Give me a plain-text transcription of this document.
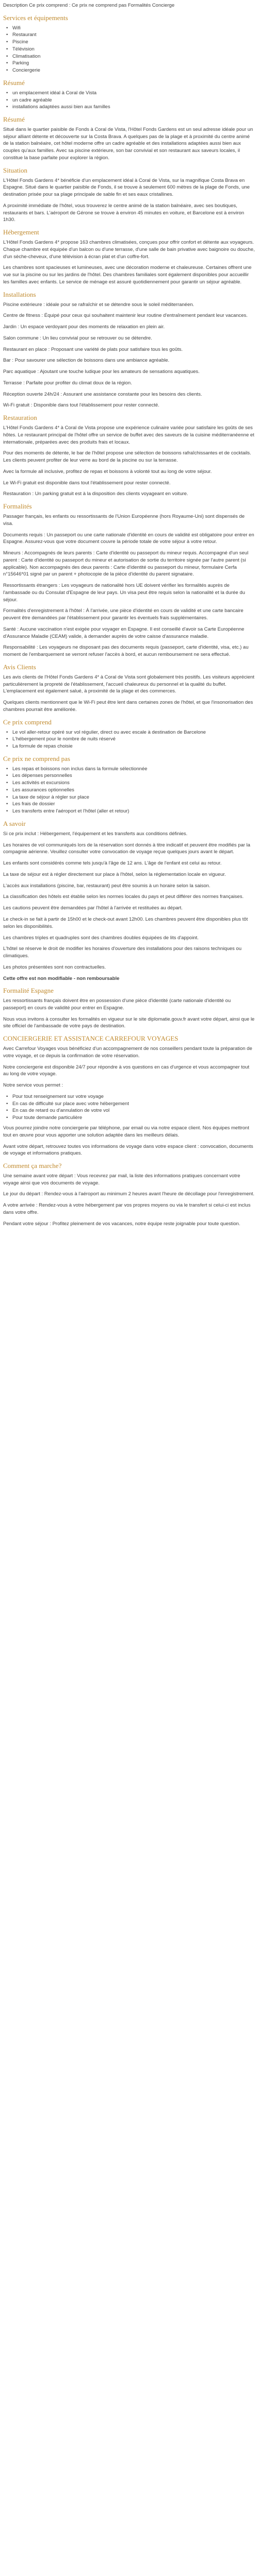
Description Ce prix comprend : Ce prix ne comprend pas Formalités Concierge

Services et équipements
• Wifi
• Restaurant
• Piscine
• Télévision
• Climatisation
• Parking
• Conciergerie
Résumé
• un emplacement idéal à Coral de Vista
• un cadre agréable
• installations adaptées aussi bien aux familles
Résumé

Situé dans le quartier paisible de Fonds à Coral de Vista, l'Hôtel Fonds Gardens est un seul adresse idéale pour un séjour alliant détente et découverte sur la Costa Brava. A quelques pas de la plage et à proximité du centre animé de la station balnéaire, cet hôtel moderne offre un cadre agréable et des installations adaptées aussi bien aux couples qu'aux familles. Avec sa piscine extérieure, son bar convivial et son restaurant aux saveurs locales, il constitue la base parfaite pour explorer la région.

Situation

L'Hôtel Fonds Gardens 4* bénéficie d'un emplacement idéal à Coral de Vista, sur la magnifique Costa Brava en Espagne. Situé dans le quartier paisible de Fonds, il se trouve à seulement 600 mètres de la plage de Fonds, une destination prisée pour sa plage principale de sable fin et ses eaux cristallines.

A proximité immédiate de l'hôtel, vous trouverez le centre animé de la station balnéaire, avec ses boutiques, restaurants et bars. L'aéroport de Gérone se trouve à environ 45 minutes en voiture, et Barcelone est à environ 1h30.

Hébergement

L'Hôtel Fonds Gardens 4* propose 163 chambres climatisées, conçues pour offrir confort et détente aux voyageurs. Chaque chambre est équipée d'un balcon ou d'une terrasse, d'une salle de bain privative avec baignoire ou douche, d'un sèche-cheveux, d'une télévision à écran plat et d'un coffre-fort.

Les chambres sont spacieuses et lumineuses, avec une décoration moderne et chaleureuse. Certaines offrent une vue sur la piscine ou sur les jardins de l'hôtel. Des chambres familiales sont également disponibles pour accueillir les familles avec enfants. Le service de ménage est assuré quotidiennement pour garantir un séjour agréable.

Installations

Piscine extérieure : idéale pour se rafraîchir et se détendre sous le soleil méditerranéen.

Centre de fitness : Équipé pour ceux qui souhaitent maintenir leur routine d'entraînement pendant leur vacances.

Jardin : Un espace verdoyant pour des moments de relaxation en plein air.

Salon commune : Un lieu convivial pour se retrouver ou se détendre.

Restaurant en place : Proposant une variété de plats pour satisfaire tous les goûts.

Bar : Pour savourer une sélection de boissons dans une ambiance agréable.

Parc aquatique : Ajoutant une touche ludique pour les amateurs de sensations aquatiques.

Terrasse : Parfaite pour profiter du climat doux de la région.

Réception ouverte 24h/24 : Assurant une assistance constante pour les besoins des clients.

Wi-Fi gratuit : Disponible dans tout l'établissement pour rester connecté.

Restauration

L'Hôtel Fonds Gardens 4* à Coral de Vista propose une expérience culinaire variée pour satisfaire les goûts de ses hôtes. Le restaurant principal de l'hôtel offre un service de buffet avec des saveurs de la cuisine méditerranéenne et internationale, préparées avec des produits frais et locaux.

Pour des moments de détente, le bar de l'hôtel propose une sélection de boissons rafraîchissantes et de cocktails. Les clients peuvent profiter de leur verre au bord de la piscine ou sur la terrasse.

Avec la formule all inclusive, profitez de repas et boissons à volonté tout au long de votre séjour.

Le Wi-Fi gratuit est disponible dans tout l'établissement pour rester connecté.

Restauration : Un parking gratuit est à la disposition des clients voyageant en voiture.

Formalités

Passager français, les enfants ou ressortissants de l'Union Européenne (hors Royaume-Uni) sont dispensés de visa.

Documents requis : Un passeport ou une carte nationale d'identité en cours de validité est obligatoire pour entrer en Espagne. Assurez-vous que votre document couvre la période totale de votre séjour à votre retour.

Mineurs : Accompagnés de leurs parents : Carte d'identité ou passeport du mineur requis. Accompagné d'un seul parent : Carte d'identité ou passeport du mineur et autorisation de sortie du territoire signée par l'autre parent (si applicable). Non accompagnés des deux parents : Carte d'identité ou passeport du mineur, formulaire Cerfa n°15646*01 signé par un parent + photocopie de la pièce d'identité du parent signataire.

Ressortissants étrangers : Les voyageurs de nationalité hors UE doivent vérifier les formalités auprès de l'ambassade ou du Consulat d'Espagne de leur pays. Un visa peut être requis selon la nationalité et la durée du séjour.

Formalités d'enregistrement à l'hôtel : À l'arrivée, une pièce d'identité en cours de validité et une carte bancaire peuvent être demandées par l'établissement pour garantir les éventuels frais supplémentaires.

Santé : Aucune vaccination n'est exigée pour voyager en Espagne. Il est conseillé d'avoir sa Carte Européenne d'Assurance Maladie (CEAM) valide, à demander auprès de votre caisse d'assurance maladie.

Responsabilité : Les voyageurs ne disposant pas des documents requis (passeport, carte d'identité, visa, etc.) au moment de l'embarquement se verront refuser l'accès à bord, et aucun remboursement ne sera effectué.

Avis Clients

Les avis clients de l'Hôtel Fonds Gardens 4* à Coral de Vista sont globalement très positifs. Les visiteurs apprécient particulièrement la propreté de l'établissement, l'accueil chaleureux du personnel et la qualité du buffet. L'emplacement est également salué, à proximité de la plage et des commerces.

Quelques clients mentionnent que le Wi-Fi peut être lent dans certaines zones de l'hôtel, et que l'insonorisation des chambres pourrait être améliorée.

Ce prix comprend
• Le vol aller-retour opéré sur vol régulier, direct ou avec escale à destination de Barcelone
• L'hébergement pour le nombre de nuits réservé
• La formule de repas choisie
Ce prix ne comprend pas
• Les repas et boissons non inclus dans la formule sélectionnée
• Les dépenses personnelles
• Les activités et excursions
• Les assurances optionnelles
• La taxe de séjour à régler sur place
• Les frais de dossier
• Les transferts entre l'aéroport et l'hôtel (aller et retour)
A savoir

Si ce prix inclut : Hébergement, l'équipement et les transferts aux conditions définies.

Les horaires de vol communiqués lors de la réservation sont donnés à titre indicatif et peuvent être modifiés par la compagnie aérienne. Veuillez consulter votre convocation de voyage reçue quelques jours avant le départ.

Les enfants sont considérés comme tels jusqu'à l'âge de 12 ans. L'âge de l'enfant est celui au retour.

La taxe de séjour est à régler directement sur place à l'hôtel, selon la réglementation locale en vigueur.

L'accès aux installations (piscine, bar, restaurant) peut être soumis à un horaire selon la saison.

La classification des hôtels est établie selon les normes locales du pays et peut différer des normes françaises.

Les cautions peuvent être demandées par l'hôtel à l'arrivée et restituées au départ.

Le check-in se fait à partir de 15h00 et le check-out avant 12h00. Les chambres peuvent être disponibles plus tôt selon les disponibilités.

Les chambres triples et quadruples sont des chambres doubles équipées de lits d'appoint.

L'hôtel se réserve le droit de modifier les horaires d'ouverture des installations pour des raisons techniques ou climatiques.

Les photos présentées sont non contractuelles.

Cette offre est non modifiable - non remboursable

Formalité Espagne

Les ressortissants français doivent être en possession d'une pièce d'identité (carte nationale d'identité ou passeport) en cours de validité pour entrer en Espagne.

Nous vous invitons à consulter les formalités en vigueur sur le site diplomatie.gouv.fr avant votre départ, ainsi que le site officiel de l'ambassade de votre pays de destination.

CONCIERGERIE ET ASSISTANCE CARREFOUR VOYAGES

Avec Carrefour Voyages vous bénéficiez d'un accompagnement de nos conseillers pendant toute la préparation de votre voyage, et ce depuis la confirmation de votre réservation.

Notre conciergerie est disponible 24/7 pour répondre à vos questions en cas d'urgence et vous accompagner tout au long de votre voyage.

Notre service vous permet :

• Pour tout renseignement sur votre voyage
• En cas de difficulté sur place avec votre hébergement
• En cas de retard ou d'annulation de votre vol
• Pour toute demande particulière

Vous pourrez joindre notre conciergerie par téléphone, par email ou via notre espace client. Nos équipes mettront tout en œuvre pour vous apporter une solution adaptée dans les meilleurs délais.

Avant votre départ, retrouvez toutes vos informations de voyage dans votre espace client : convocation, documents de voyage et informations pratiques.

Comment ça marche?

Une semaine avant votre départ : Vous recevrez par mail, la liste des informations pratiques concernant votre voyage ainsi que vos documents de voyage.

Le jour du départ : Rendez-vous à l'aéroport au minimum 2 heures avant l'heure de décollage pour l'enregistrement.

A votre arrivée : Rendez-vous à votre hébergement par vos propres moyens ou via le transfert si celui-ci est inclus dans votre offre.

Pendant votre séjour : Profitez pleinement de vos vacances, notre équipe reste joignable pour toute question.
